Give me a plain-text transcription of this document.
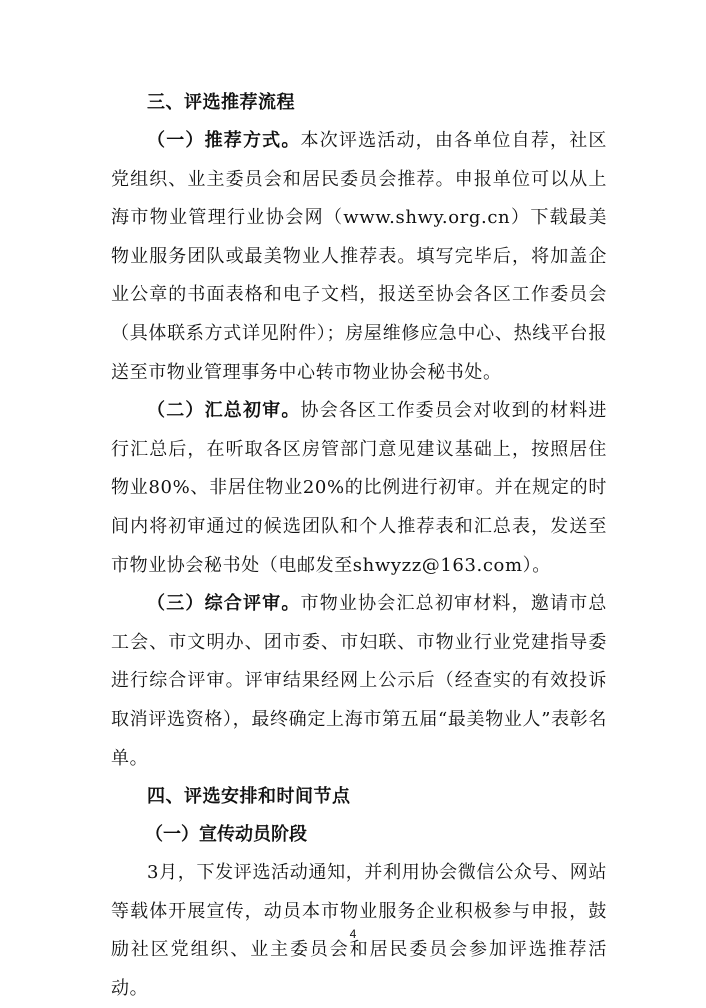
三、评选推荐流程

（一）推荐方式。本次评选活动，由各单位自荐，社区党组织、业主委员会和居民委员会推荐。申报单位可以从上海市物业管理行业协会网（www.shwy.org.cn）下载最美物业服务团队或最美物业人推荐表。填写完毕后，将加盖企业公章的书面表格和电子文档，报送至协会各区工作委员会（具体联系方式详见附件）；房屋维修应急中心、热线平台报送至市物业管理事务中心转市物业协会秘书处。

（二）汇总初审。协会各区工作委员会对收到的材料进行汇总后，在听取各区房管部门意见建议基础上，按照居住物业80%、非居住物业20%的比例进行初审。并在规定的时间内将初审通过的候选团队和个人推荐表和汇总表，发送至市物业协会秘书处（电邮发至shwyzz@163.com）。

（三）综合评审。市物业协会汇总初审材料，邀请市总工会、市文明办、团市委、市妇联、市物业行业党建指导委进行综合评审。评审结果经网上公示后（经查实的有效投诉取消评选资格），最终确定上海市第五届“最美物业人”表彰名单。

四、评选安排和时间节点
（一）宣传动员阶段

3月，下发评选活动通知，并利用协会微信公众号、网站等载体开展宣传，动员本市物业服务企业积极参与申报，鼓励社区党组织、业主委员会和居民委员会参加评选推荐活动。

4
